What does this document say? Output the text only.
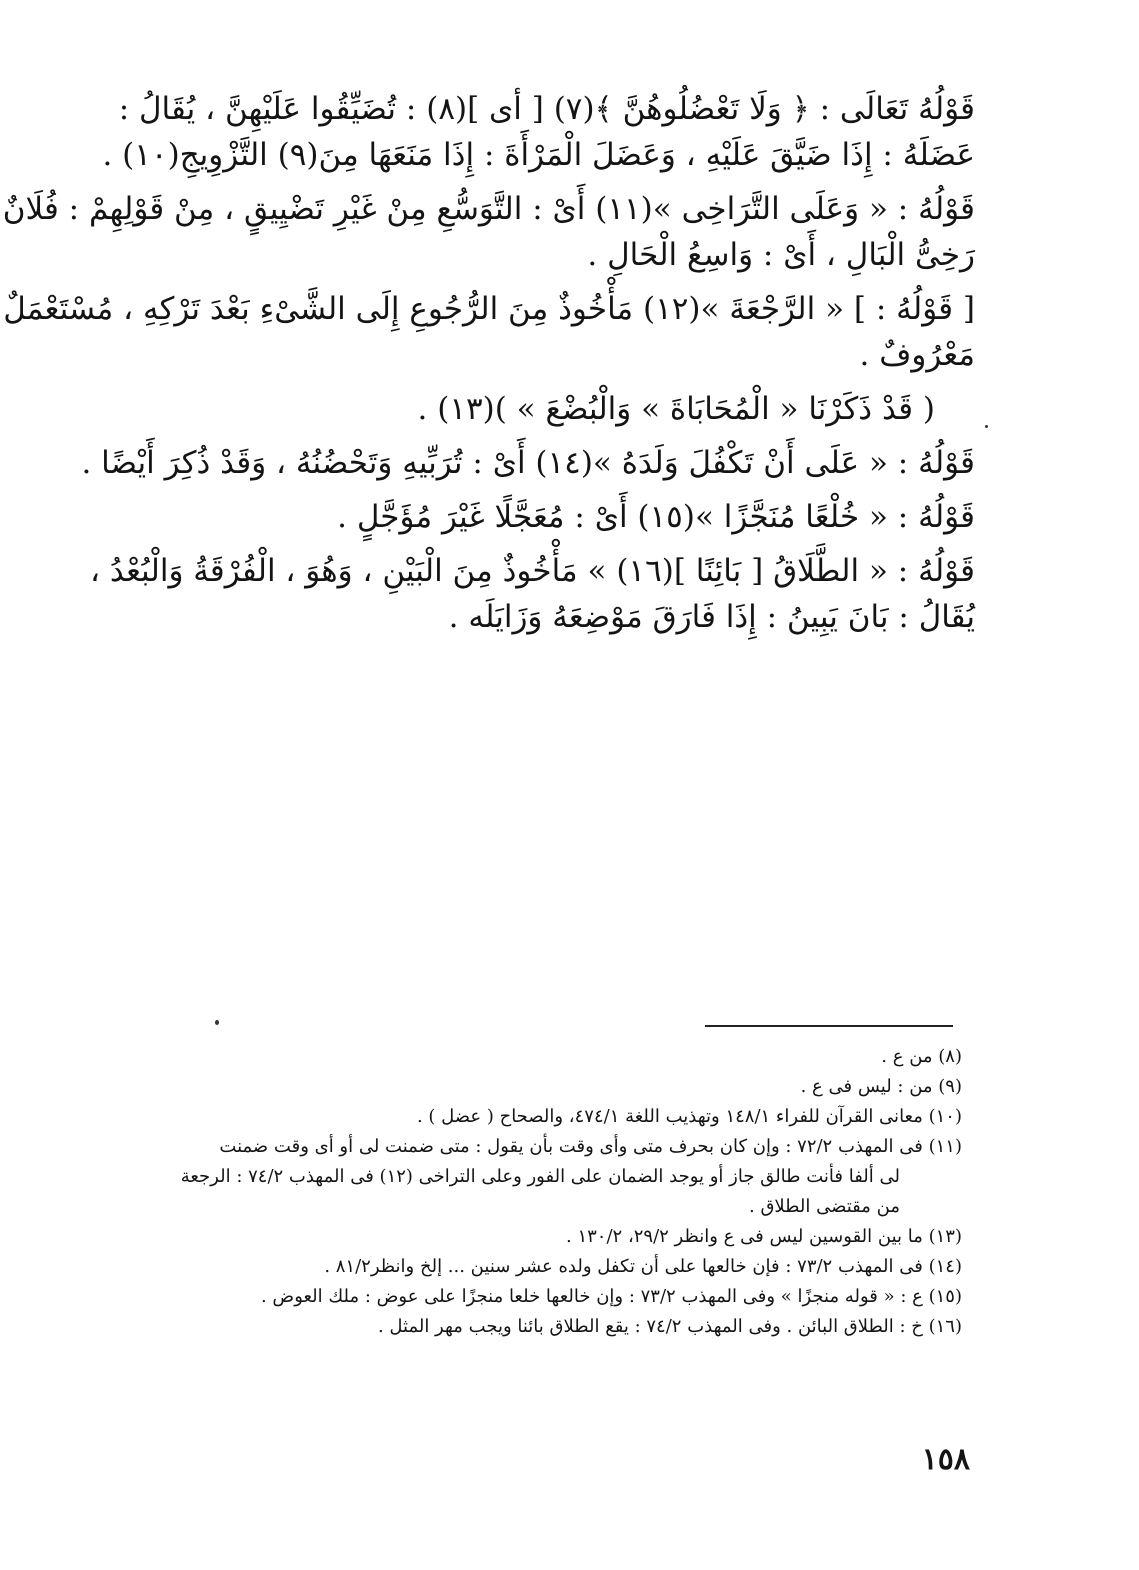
قَوْلُهُ تَعَالَى : ﴿ وَلَا تَعْضُلُوهُنَّ ﴾(٧) [ أى ](٨) : تُضَيِّقُوا عَلَيْهِنَّ ، يُقَالُ :
عَضَلَهُ : إِذَا ضَيَّقَ عَلَيْهِ ، وَعَضَلَ الْمَرْأَةَ : إِذَا مَنَعَهَا مِنَ(٩) التَّزْوِيجِ(١٠) .
قَوْلُهُ : « وَعَلَى التَّرَاخِى »(١١) أَىْ : التَّوَسُّعِ مِنْ غَيْرِ تَضْيِيقٍ ، مِنْ قَوْلِهِمْ : فُلَانٌ
رَخِىُّ الْبَالِ ، أَىْ : وَاسِعُ الْحَالِ .
[ قَوْلُهُ : ] « الرَّجْعَةَ »(١٢) مَأْخُوذٌ مِنَ الرُّجُوعِ إِلَى الشَّىْءِ بَعْدَ تَرْكِهِ ، مُسْتَعْمَلٌ
مَعْرُوفٌ .
( قَدْ ذَكَرْنَا « الْمُحَابَاةَ » وَالْبُضْعَ » )(١٣) .
قَوْلُهُ : « عَلَى أَنْ تَكْفُلَ وَلَدَهُ »(١٤) أَىْ : تُرَبِّيهِ وَتَحْضُنُهُ ، وَقَدْ ذُكِرَ أَيْضًا .
قَوْلُهُ : « خُلْعًا مُنَجَّزًا »(١٥) أَىْ : مُعَجَّلًا غَيْرَ مُؤَجَّلٍ .
قَوْلُهُ : « الطَّلَاقُ [ بَائِنًا ](١٦) » مَأْخُوذٌ مِنَ الْبَيْنِ ، وَهُوَ ، الْفُرْقَةُ وَالْبُعْدُ ،
يُقَالُ : بَانَ يَبِينُ : إِذَا فَارَقَ مَوْضِعَهُ وَزَايَلَه .
(٨) من ع .
(٩) من : ليس فى ع .
(١٠) معانى القرآن للفراء ١٤٨/١ وتهذيب اللغة ٤٧٤/١، والصحاح ( عضل ) .
(١١) فى المهذب ٧٢/٢ : وإن كان بحرف متى وأى وقت بأن يقول : متى ضمنت لى أو أى وقت ضمنت
لى ألفا فأنت طالق جاز أو يوجد الضمان على الفور وعلى التراخى (١٢) فى المهذب ٧٤/٢ : الرجعة
من مقتضى الطلاق .
(١٣) ما بين القوسين ليس فى ع وانظر ٢٩/٢، ١٣٠/٢ .
(١٤) فى المهذب ٧٣/٢ : فإن خالعها على أن تكفل ولده عشر سنين ... إلخ وانظر٨١/٢ .
(١٥) ع : « قوله منجزًا » وفى المهذب ٧٣/٢ : وإن خالعها خلعا منجزًا على عوض : ملك العوض .
(١٦) خ : الطلاق البائن . وفى المهذب ٧٤/٢ : يقع الطلاق بائنا ويجب مهر المثل .
١٥٨
